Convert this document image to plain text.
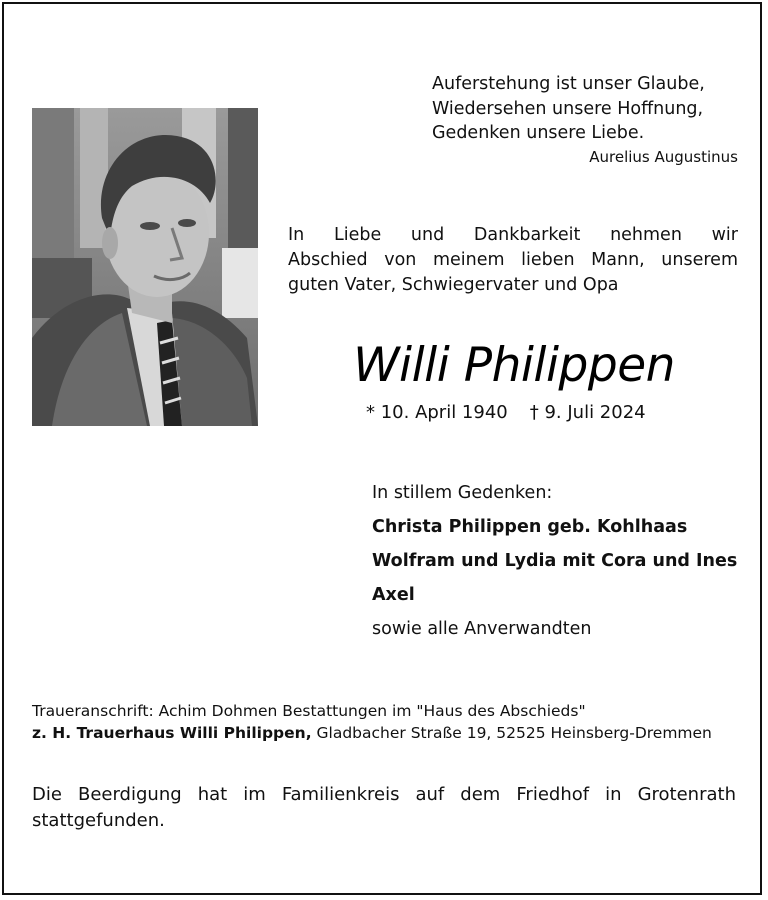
Auferstehung ist unser Glaube,
Wiedersehen unsere Hoffnung,
Gedenken unsere Liebe.
Aurelius Augustinus
In Liebe und Dankbarkeit nehmen wir
Abschied von meinem lieben Mann, unserem
guten Vater, Schwiegervater und Opa
Willi Philippen
* 10. April 1940 † 9. Juli 2024
In stillem Gedenken:
Christa Philippen geb. Kohlhaas
Wolfram und Lydia mit Cora und Ines
Axel
sowie alle Anverwandten
Traueranschrift: Achim Dohmen Bestattungen im "Haus des Abschieds"
z. H. Trauerhaus Willi Philippen, Gladbacher Straße 19, 52525 Heinsberg-Dremmen
Die Beerdigung hat im Familienkreis auf dem Friedhof in Grotenrath
stattgefunden.
